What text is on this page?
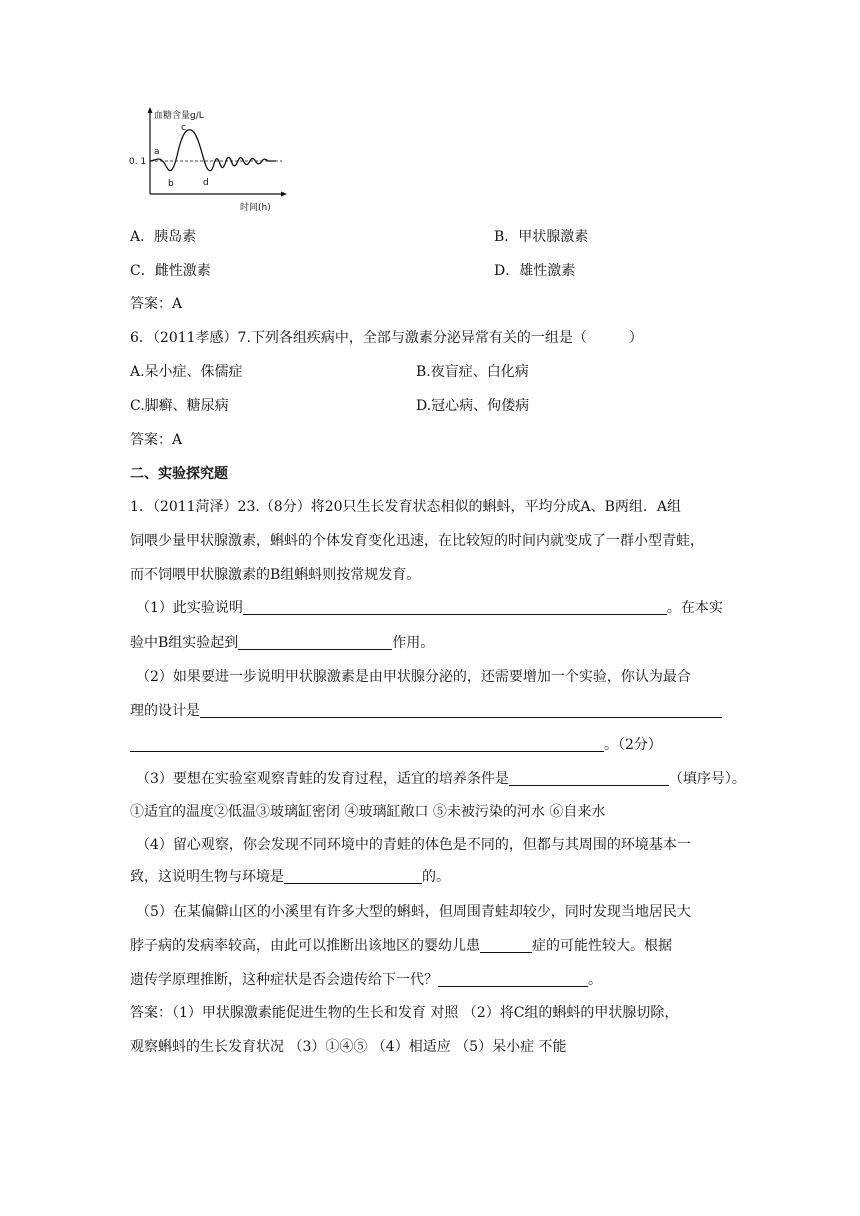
血糖含量g/L
时间(h)
0. 1
a
b
c
d
A．胰岛素	B．甲状腺激素
C．雌性激素	D．雄性激素
答案：A
6．（2011孝感）7.下列各组疾病中，全部与激素分泌异常有关的一组是（　　　）
A.呆小症、侏儒症	B.夜盲症、白化病
C.脚癣、糖尿病	D.冠心病、佝偻病
答案：A
二、实验探究题
1．（2011菏泽）23.（8分）将20只生长发育状态相似的蝌蚪，平均分成A、B两组．A组
饲喂少量甲状腺激素，蝌蚪的个体发育变化迅速，在比较短的时间内就变成了一群小型青蛙，
而不饲喂甲状腺激素的B组蝌蚪则按常规发育。
（1）此实验说明	。在本实
验中B组实验起到	作用。
（2）如果要进一步说明甲状腺激素是由甲状腺分泌的，还需要增加一个实验，你认为最合
理的设计是
。（2分）
（3）要想在实验室观察青蛙的发育过程，适宜的培养条件是	（填序号）。
①适宜的温度②低温③玻璃缸密闭 ④玻璃缸敞口 ⑤未被污染的河水 ⑥自来水
（4）留心观察，你会发现不同环境中的青蛙的体色是不同的，但都与其周围的环境基本一
致，这说明生物与环境是	的。
（5）在某偏僻山区的小溪里有许多大型的蝌蚪，但周围青蛙却较少，同时发现当地居民大
脖子病的发病率较高，由此可以推断出该地区的婴幼儿患	症的可能性较大。根据
遗传学原理推断，这种症状是否会遗传给下一代？	。
答案：（1）甲状腺激素能促进生物的生长和发育 对照 （2）将C组的蝌蚪的甲状腺切除，
观察蝌蚪的生长发育状况 （3）①④⑤ （4）相适应 （5）呆小症 不能
